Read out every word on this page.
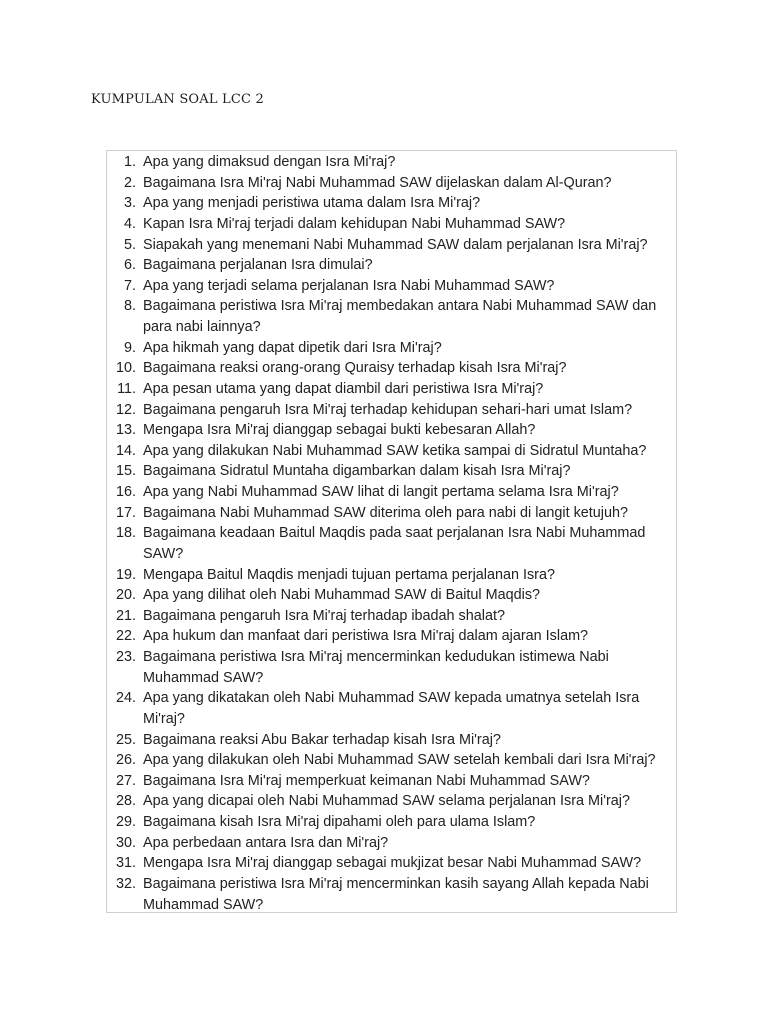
KUMPULAN SOAL LCC 2
1. Apa yang dimaksud dengan Isra Mi'raj?
2. Bagaimana Isra Mi'raj Nabi Muhammad SAW dijelaskan dalam Al-Quran?
3. Apa yang menjadi peristiwa utama dalam Isra Mi'raj?
4. Kapan Isra Mi'raj terjadi dalam kehidupan Nabi Muhammad SAW?
5. Siapakah yang menemani Nabi Muhammad SAW dalam perjalanan Isra Mi'raj?
6. Bagaimana perjalanan Isra dimulai?
7. Apa yang terjadi selama perjalanan Isra Nabi Muhammad SAW?
8. Bagaimana peristiwa Isra Mi'raj membedakan antara Nabi Muhammad SAW dan para nabi lainnya?
9. Apa hikmah yang dapat dipetik dari Isra Mi'raj?
10. Bagaimana reaksi orang-orang Quraisy terhadap kisah Isra Mi'raj?
11. Apa pesan utama yang dapat diambil dari peristiwa Isra Mi'raj?
12. Bagaimana pengaruh Isra Mi'raj terhadap kehidupan sehari-hari umat Islam?
13. Mengapa Isra Mi'raj dianggap sebagai bukti kebesaran Allah?
14. Apa yang dilakukan Nabi Muhammad SAW ketika sampai di Sidratul Muntaha?
15. Bagaimana Sidratul Muntaha digambarkan dalam kisah Isra Mi'raj?
16. Apa yang Nabi Muhammad SAW lihat di langit pertama selama Isra Mi'raj?
17. Bagaimana Nabi Muhammad SAW diterima oleh para nabi di langit ketujuh?
18. Bagaimana keadaan Baitul Maqdis pada saat perjalanan Isra Nabi Muhammad SAW?
19. Mengapa Baitul Maqdis menjadi tujuan pertama perjalanan Isra?
20. Apa yang dilihat oleh Nabi Muhammad SAW di Baitul Maqdis?
21. Bagaimana pengaruh Isra Mi'raj terhadap ibadah shalat?
22. Apa hukum dan manfaat dari peristiwa Isra Mi'raj dalam ajaran Islam?
23. Bagaimana peristiwa Isra Mi'raj mencerminkan kedudukan istimewa Nabi Muhammad SAW?
24. Apa yang dikatakan oleh Nabi Muhammad SAW kepada umatnya setelah Isra Mi'raj?
25. Bagaimana reaksi Abu Bakar terhadap kisah Isra Mi'raj?
26. Apa yang dilakukan oleh Nabi Muhammad SAW setelah kembali dari Isra Mi'raj?
27. Bagaimana Isra Mi'raj memperkuat keimanan Nabi Muhammad SAW?
28. Apa yang dicapai oleh Nabi Muhammad SAW selama perjalanan Isra Mi'raj?
29. Bagaimana kisah Isra Mi'raj dipahami oleh para ulama Islam?
30. Apa perbedaan antara Isra dan Mi'raj?
31. Mengapa Isra Mi'raj dianggap sebagai mukjizat besar Nabi Muhammad SAW?
32. Bagaimana peristiwa Isra Mi'raj mencerminkan kasih sayang Allah kepada Nabi Muhammad SAW?
